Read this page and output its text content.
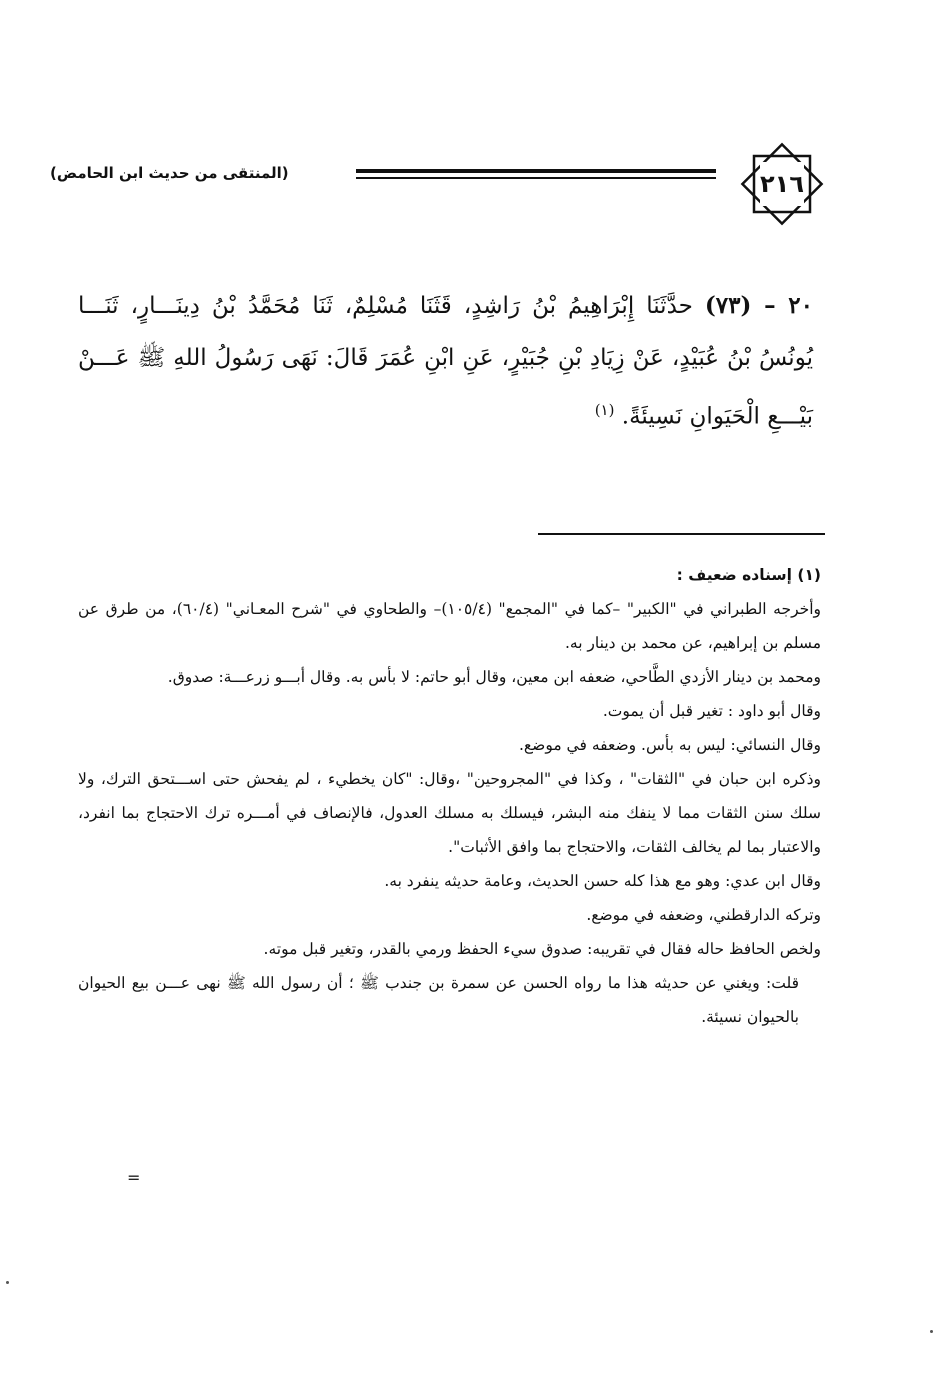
٢١٦
(المنتقى من حديث ابن الحامض)
٢٠ – (٧٣) حدَّثَنَا إِبْرَاهِيمُ بْنُ رَاشِدٍ، قَثَنَا مُسْلِمٌ، ثَنَا مُحَمَّدُ بْنُ دِينَـــارٍ، ثَنَـــا يُونُسُ بْنُ عُبَيْدٍ، عَنْ زِيَادِ بْنِ جُبَيْرٍ، عَنِ ابْنِ عُمَرَ قَالَ: نَهَى رَسُولُ اللهِ ﷺ عَـــنْ بَيْـــعِ الْحَيَوانِ نَسِيئَةً. $^{(١)}$

(١) إسناده ضعيف :

وأخرجه الطبراني في "الكبير" –كما في "المجمع" (١٠٥/٤)– والطحاوي في "شرح المعـاني" (٦٠/٤)، من طرق عن مسلم بن إبراهيم، عن محمد بن دينار به.

ومحمد بن دينار الأزدي الطَّاحي، ضعفه ابن معين، وقال أبو حاتم: لا بأس به. وقال أبـــو زرعـــة: صدوق.

وقال أبو داود : تغير قبل أن يموت.

وقال النسائي: ليس به بأس. وضعفه في موضع.

وذكره ابن حبان في "الثقات" ، وكذا في "المجروحين" ،وقال: "كان يخطيء ، لم يفحش حتى اســـتحق الترك، ولا سلك سنن الثقات مما لا ينفك منه البشر، فيسلك به مسلك العدول، فالإنصاف في أمـــره ترك الاحتجاج بما انفرد، والاعتبار بما لم يخالف الثقات، والاحتجاج بما وافق الأثبات".

وقال ابن عدي: وهو مع هذا كله حسن الحديث، وعامة حديثه ينفرد به.

وتركه الدارقطني، وضعفه في موضع.

ولخص الحافظ حاله فقال في تقريبه: صدوق سيء الحفظ ورمي بالقدر، وتغير قبل موته.

قلت: ويغني عن حديثه هذا ما رواه الحسن عن سمرة بن جندب ﷺ ؛ أن رسول الله ﷺ نهى عـــن بيع الحيوان بالحيوان نسيئة.

=
